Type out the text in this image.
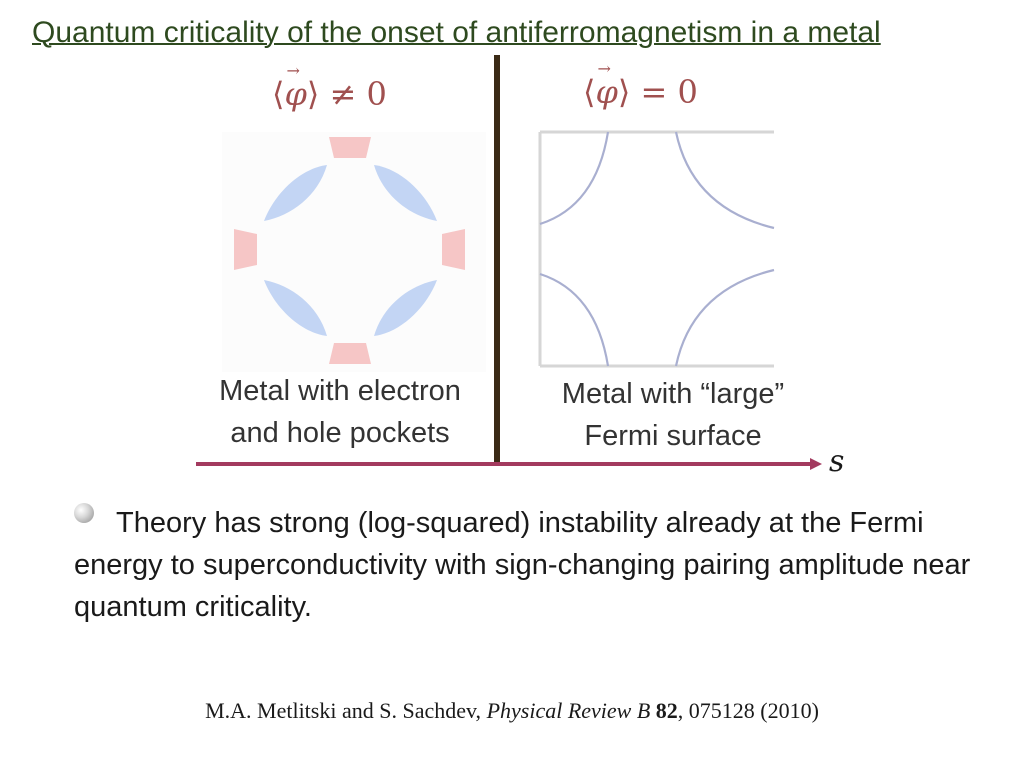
Quantum criticality of the onset of antiferromagnetism in a metal
⟨→ φ⟩ ≠ 0	⟨→ φ⟩ = 0
Metal with electron
and hole pockets
Metal with “large”
Fermi surface
s

Theory has strong (log-squared) instability already at the Fermi energy to superconductivity with sign-changing pairing amplitude near quantum criticality.

M.A. Metlitski and S. Sachdev, Physical Review B 82, 075128 (2010)
